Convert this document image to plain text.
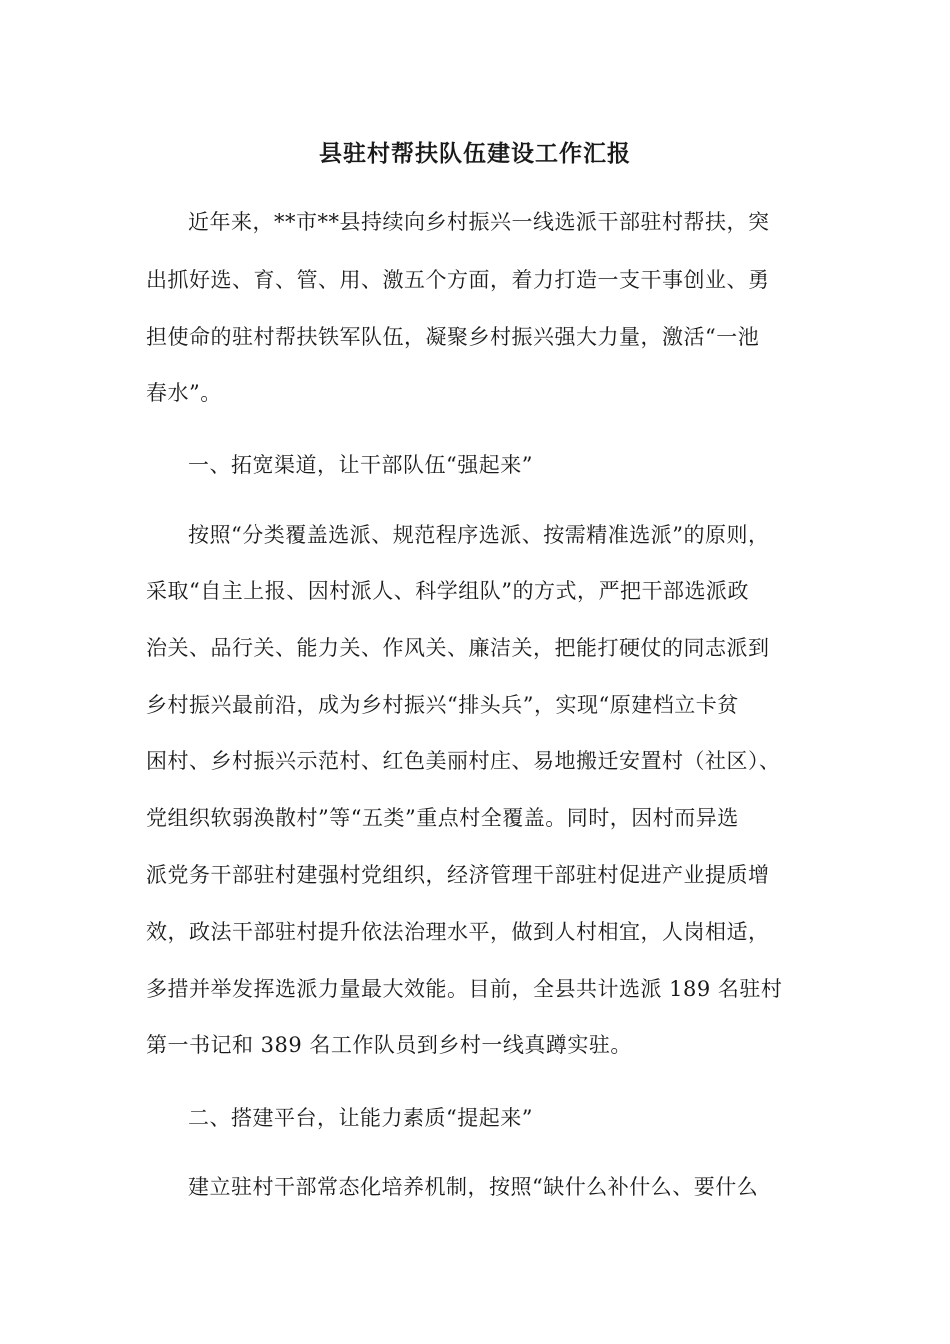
县驻村帮扶队伍建设工作汇报
近年来，**市**县持续向乡村振兴一线选派干部驻村帮扶，突
出抓好选、育、管、用、激五个方面，着力打造一支干事创业、勇
担使命的驻村帮扶铁军队伍，凝聚乡村振兴强大力量，激活“一池
春水”。
一、拓宽渠道，让干部队伍“强起来”
按照“分类覆盖选派、规范程序选派、按需精准选派”的原则，
采取“自主上报、因村派人、科学组队”的方式，严把干部选派政
治关、品行关、能力关、作风关、廉洁关，把能打硬仗的同志派到
乡村振兴最前沿，成为乡村振兴“排头兵”，实现“原建档立卡贫
困村、乡村振兴示范村、红色美丽村庄、易地搬迁安置村（社区）、
党组织软弱涣散村”等“五类”重点村全覆盖。同时，因村而异选
派党务干部驻村建强村党组织，经济管理干部驻村促进产业提质增
效，政法干部驻村提升依法治理水平，做到人村相宜，人岗相适，
多措并举发挥选派力量最大效能。目前，全县共计选派 189 名驻村
第一书记和 389 名工作队员到乡村一线真蹲实驻。
二、搭建平台，让能力素质“提起来”
建立驻村干部常态化培养机制，按照“缺什么补什么、要什么
